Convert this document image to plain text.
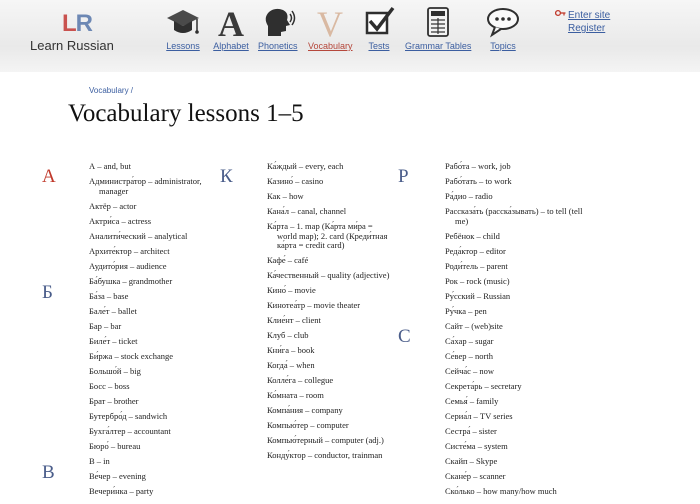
LR
Learn Russian	Lessons
A
Alphabet Phonetics
V
Vocabulary	Tests	Grammar Tables	Topics
Enter site
Register
Vocabulary /
Vocabulary lessons 1–5
А
Б
В
К	Р
С
А – and, but
Администра́тор – administrator, manager
Актёр – actor
Актри́са – actress
Аналити́ческий – analytical
Архите́ктор – architect
Аудито́рия – audience
Ба́бушка – grandmother
Ба́за – base
Бале́т – ballet
Бар – bar
Биле́т – ticket
Би́ржа – stock exchange
Большо́й – big
Босс – boss
Брат – brother
Бутербро́д – sandwich
Бухга́лтер – accountant
Бюро́ – bureau
В – in
Ве́чер – evening
Вечери́нка – party
Ка́ждый – every, each
Казино́ – casino
Как – how
Кана́л – canal, channel
Ка́рта – 1. map (Ка́рта ми́ра = world map); 2. card (Креди́тная ка́рта = credit card)
Кафе́ – café
Ка́чественный – quality (adjective)
Кино́ – movie
Кинотеа́тр – movie theater
Клие́нт – client
Клуб – club
Кни́га – book
Когда́ – when
Колле́га – collegue
Ко́мната – room
Компа́ния – company
Компью́тер – computer
Компью́терный – computer (adj.)
Конду́ктор – conductor, trainman
Рабо́та – work, job
Рабо́тать – to work
Ра́дио – radio
Рассказа́ть (расска́зывать) – to tell (tell me)
Ребёнок – child
Реда́ктор – editor
Роди́тель – parent
Рок – rock (music)
Ру́сский – Russian
Ру́чка – pen
Сайт – (web)site
Са́хар – sugar
Се́вер – north
Сейча́с – now
Секрета́рь – secretary
Семья́ – family
Сериа́л – TV series
Сестра́ – sister
Систе́ма – system
Скайп – Skype
Скане́р – scanner
Ско́лько – how many/how much
